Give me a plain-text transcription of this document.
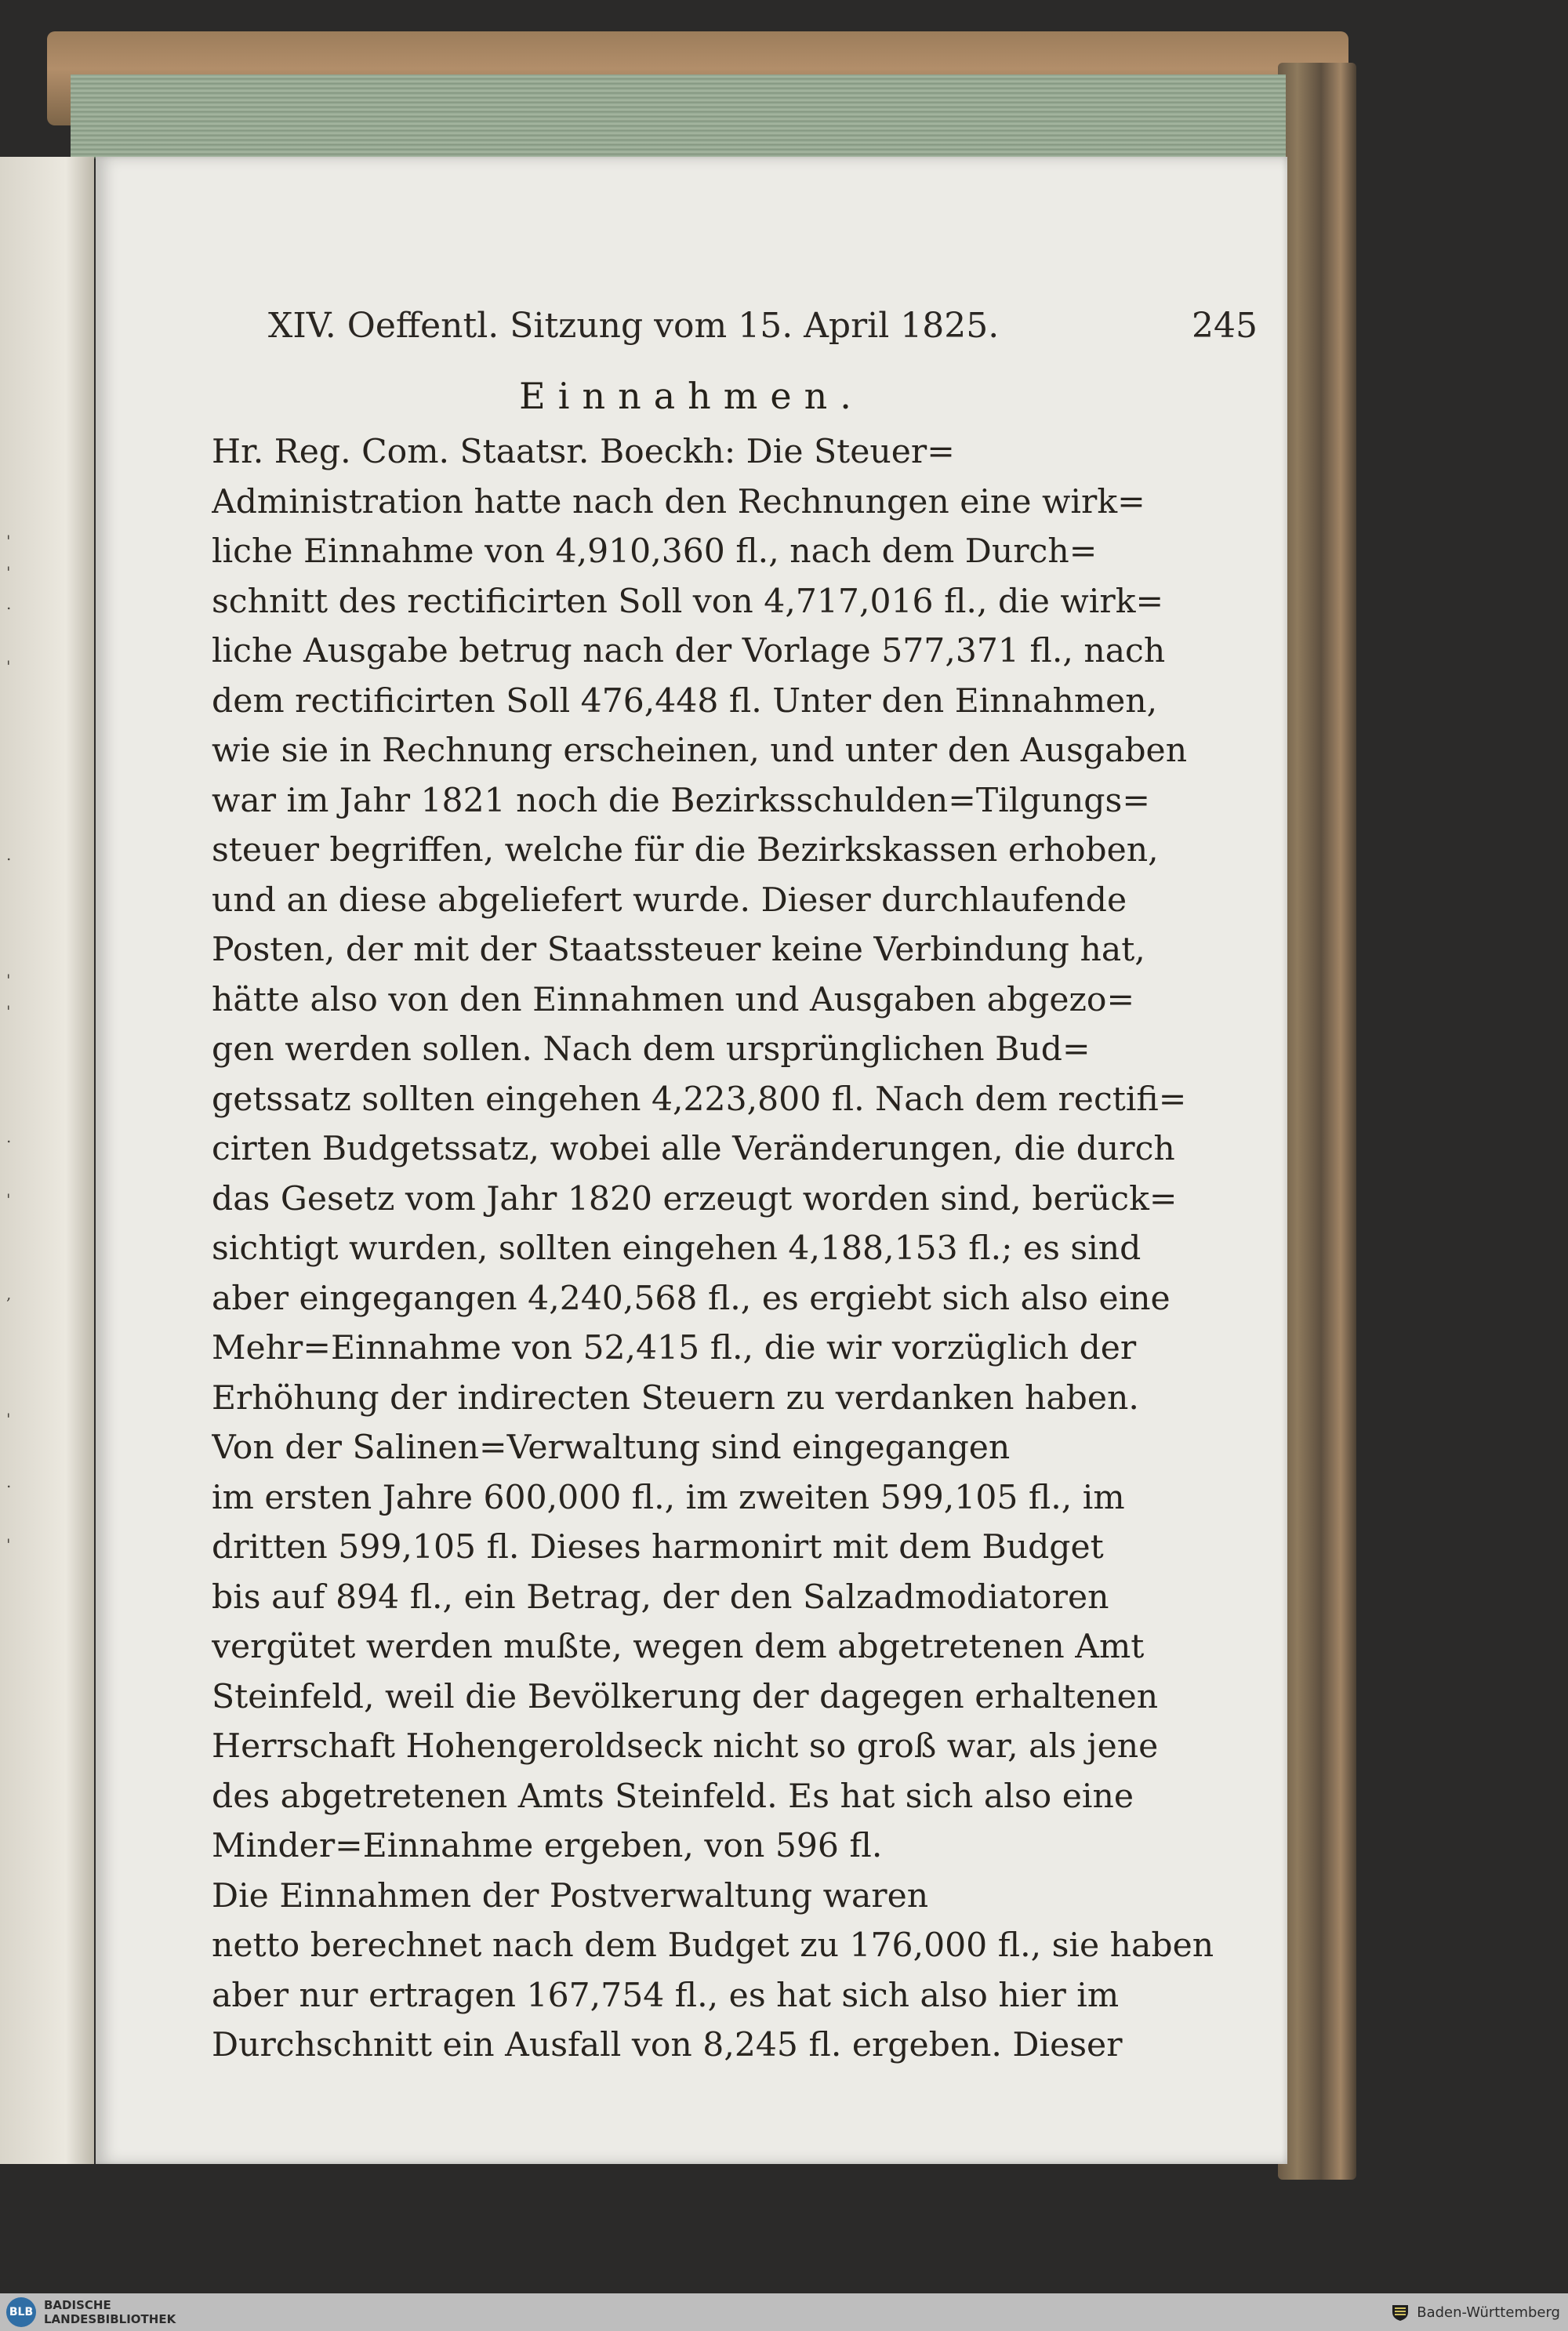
'
'
.

'

.

'
'

.

'

,

'

.

'

XIV. Oeffentl. Sitzung vom 15. April 1825.	245
Einnahmen.
Hr. Reg. Com. Staatsr. Boeckh: Die Steuer=
Administration hatte nach den Rechnungen eine wirk=
liche Einnahme von 4,910,360 fl., nach dem Durch=
schnitt des rectificirten Soll von 4,717,016 fl., die wirk=
liche Ausgabe betrug nach der Vorlage 577,371 fl., nach
dem rectificirten Soll 476,448 fl. Unter den Einnahmen,
wie sie in Rechnung erscheinen, und unter den Ausgaben
war im Jahr 1821 noch die Bezirksschulden=Tilgungs=
steuer begriffen, welche für die Bezirkskassen erhoben,
und an diese abgeliefert wurde. Dieser durchlaufende
Posten, der mit der Staatssteuer keine Verbindung hat,
hätte also von den Einnahmen und Ausgaben abgezo=
gen werden sollen. Nach dem ursprünglichen Bud=
getssatz sollten eingehen 4,223,800 fl. Nach dem rectifi=
cirten Budgetssatz, wobei alle Veränderungen, die durch
das Gesetz vom Jahr 1820 erzeugt worden sind, berück=
sichtigt wurden, sollten eingehen 4,188,153 fl.; es sind
aber eingegangen 4,240,568 fl., es ergiebt sich also eine
Mehr=Einnahme von 52,415 fl., die wir vorzüglich der
Erhöhung der indirecten Steuern zu verdanken haben.
Von der Salinen=Verwaltung sind eingegangen
im ersten Jahre 600,000 fl., im zweiten 599,105 fl., im
dritten 599,105 fl. Dieses harmonirt mit dem Budget
bis auf 894 fl., ein Betrag, der den Salzadmodiatoren
vergütet werden mußte, wegen dem abgetretenen Amt
Steinfeld, weil die Bevölkerung der dagegen erhaltenen
Herrschaft Hohengeroldseck nicht so groß war, als jene
des abgetretenen Amts Steinfeld. Es hat sich also eine
Minder=Einnahme ergeben, von 596 fl.
Die Einnahmen der Postverwaltung waren
netto berechnet nach dem Budget zu 176,000 fl., sie haben
aber nur ertragen 167,754 fl., es hat sich also hier im
Durchschnitt ein Ausfall von 8,245 fl. ergeben. Dieser
BLB BADISCHE
LANDESBIBLIOTHEK	Baden-Württemberg
